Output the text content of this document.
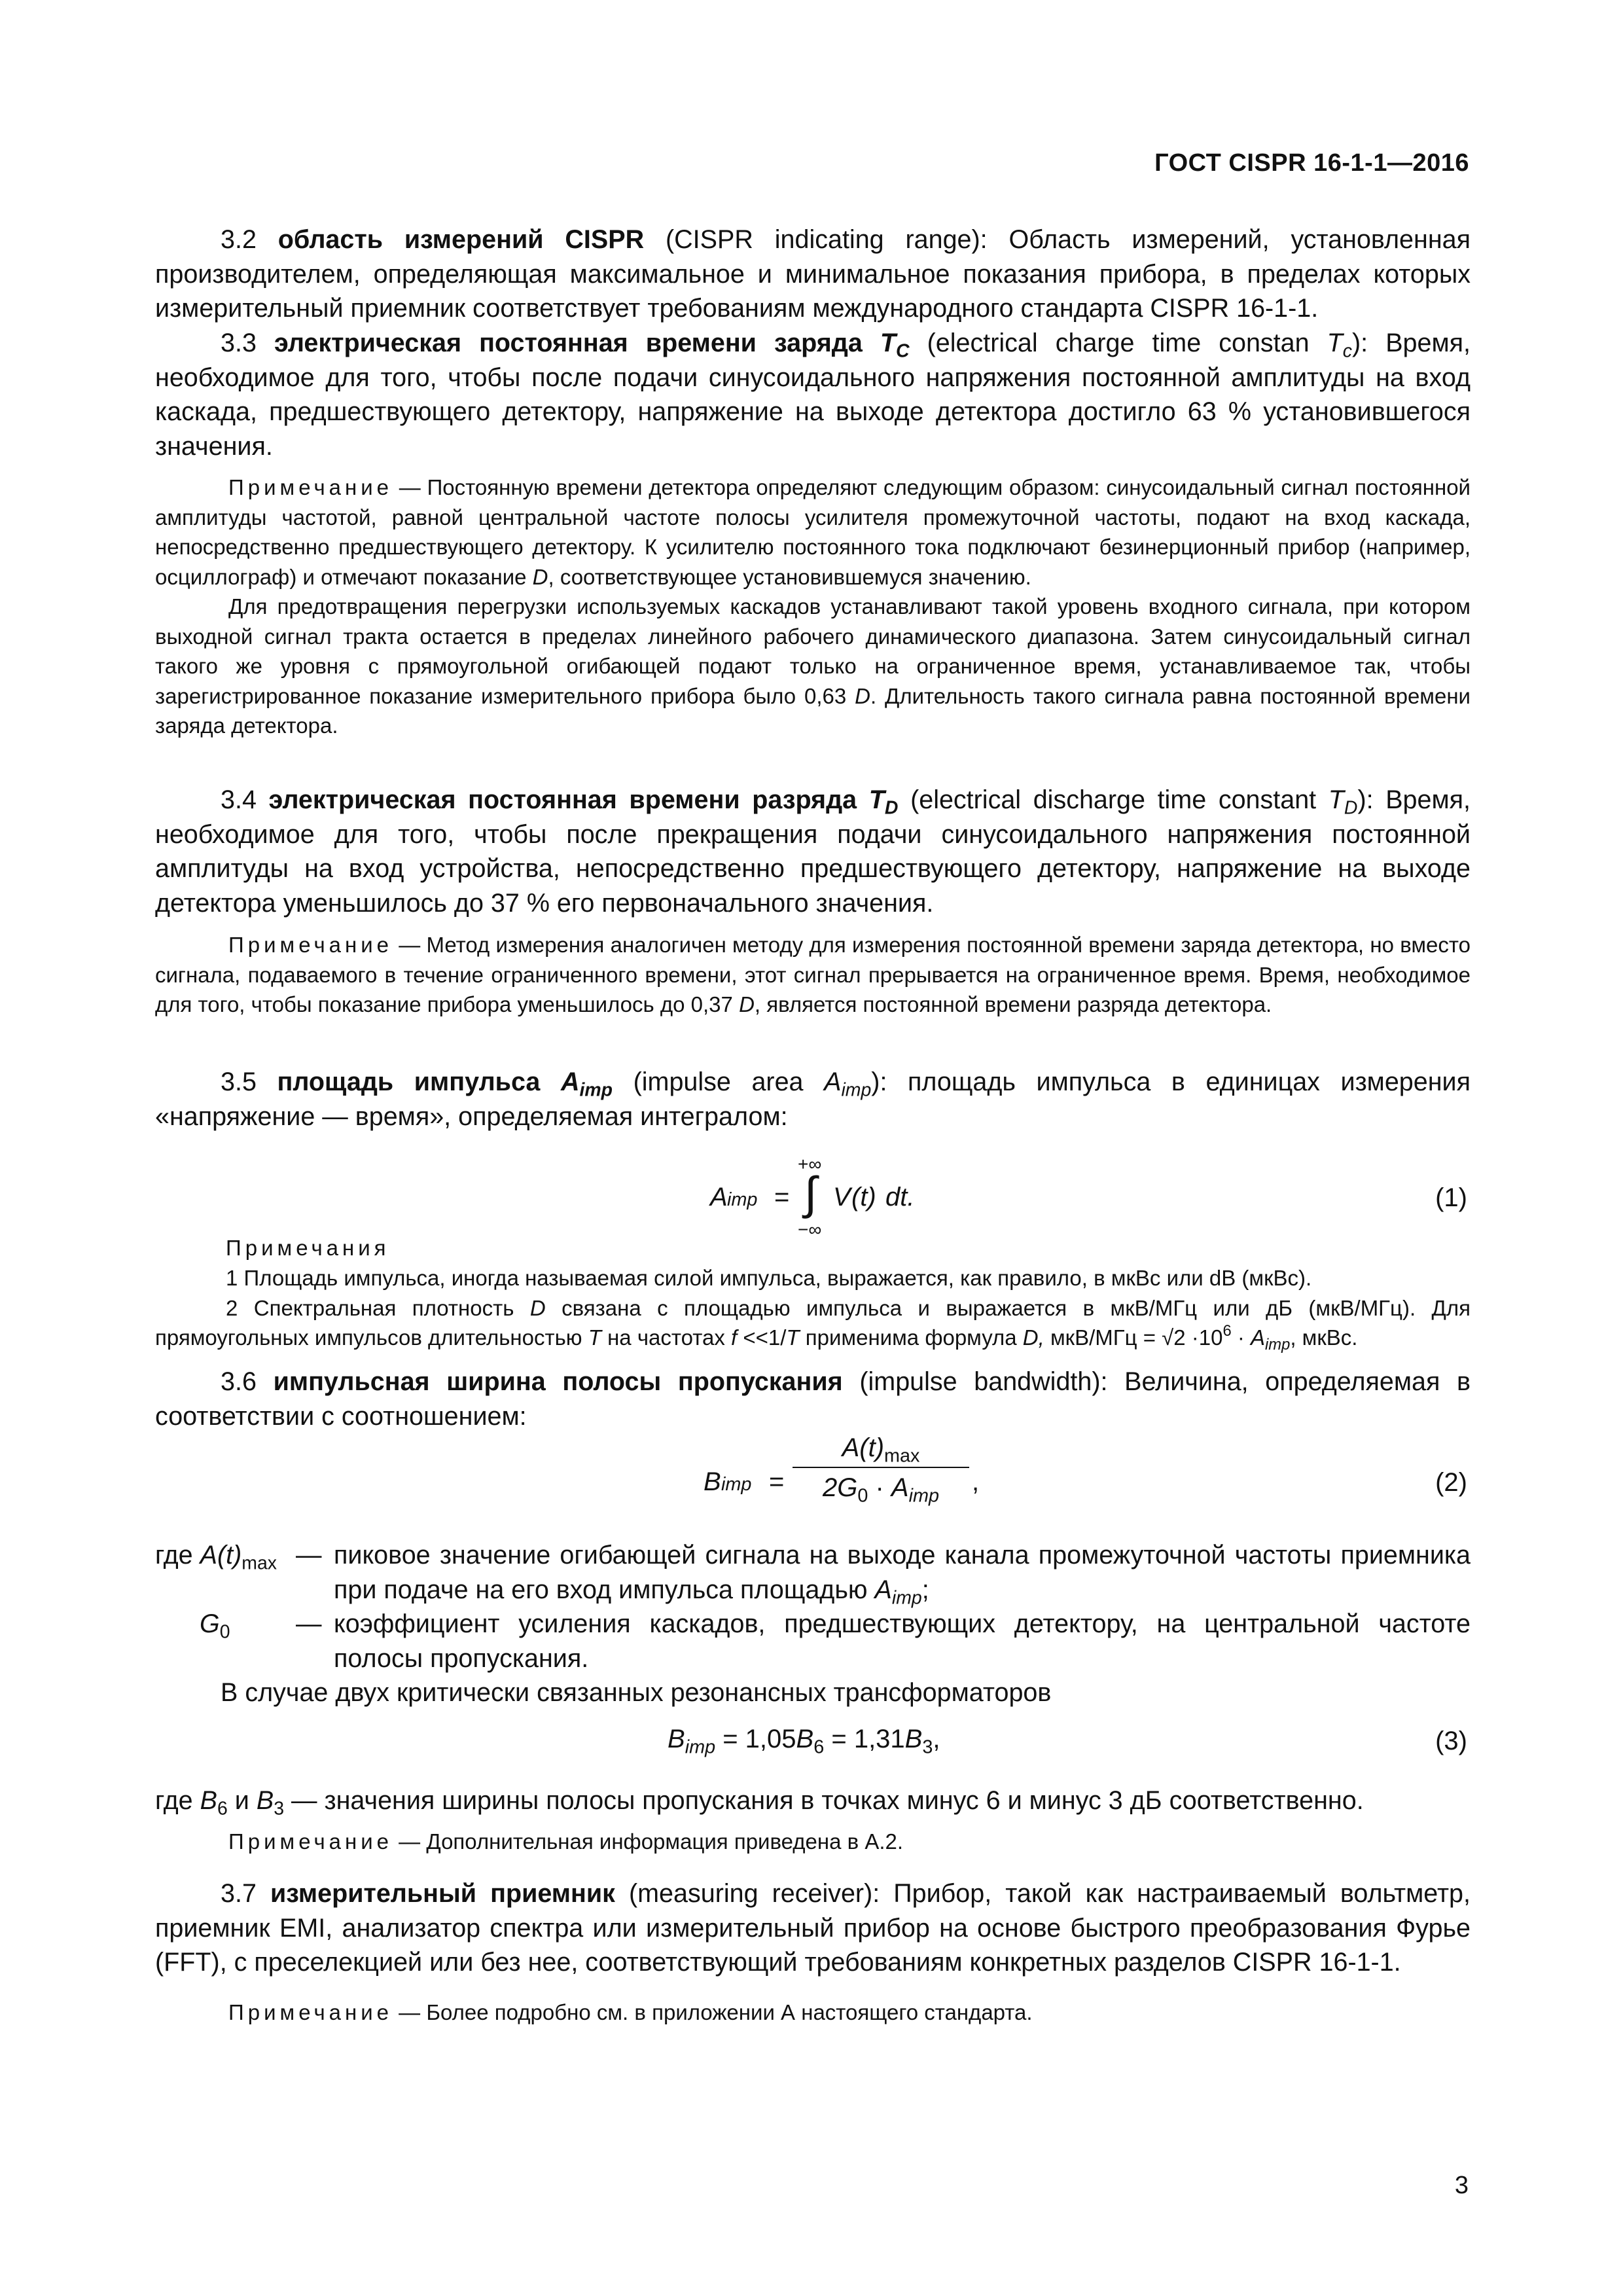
ГОСТ CISPR 16-1-1—2016

3.2 область измерений CISPR (CISPR indicating range): Область измерений, установленная производителем, определяющая максимальное и минимальное показания прибора, в пределах которых измерительный приемник соответствует требованиям международного стандарта CISPR 16-1-1.

3.3 электрическая постоянная времени заряда $T_C$ (electrical charge time constan $T_c$): Время, необходимое для того, чтобы после подачи синусоидального напряжения постоянной амплитуды на вход каскада, предшествующего детектору, напряжение на выходе детектора достигло 63 % установившегося значения.

Примечание — Постоянную времени детектора определяют следующим образом: синусоидальный сигнал постоянной амплитуды частотой, равной центральной частоте полосы усилителя промежуточной частоты, подают на вход каскада, непосредственно предшествующего детектору. К усилителю постоянного тока подключают безинерционный прибор (например, осциллограф) и отмечают показание D, соответствующее установившемуся значению.

Для предотвращения перегрузки используемых каскадов устанавливают такой уровень входного сигнала, при котором выходной сигнал тракта остается в пределах линейного рабочего динамического диапазона. Затем синусоидальный сигнал такого же уровня с прямоугольной огибающей подают только на ограниченное время, устанавливаемое так, чтобы зарегистрированное показание измерительного прибора было 0,63 D. Длительность такого сигнала равна постоянной времени заряда детектора.

3.4 электрическая постоянная времени разряда $T_D$ (electrical discharge time constant $T_D$): Время, необходимое для того, чтобы после прекращения подачи синусоидального напряжения постоянной амплитуды на вход устройства, непосредственно предшествующего детектору, напряжение на выходе детектора уменьшилось до 37 % его первоначального значения.

Примечание — Метод измерения аналогичен методу для измерения постоянной времени заряда детектора, но вместо сигнала, подаваемого в течение ограниченного времени, этот сигнал прерывается на ограниченное время. Время, необходимое для того, чтобы показание прибора уменьшилось до 0,37 D, является постоянной времени разряда детектора.

3.5 площадь импульса $A_{imp}$ (impulse area $A_{imp}$): площадь импульса в единицах измерения «напряжение — время», определяемая интегралом:

A imp =
+∞
∫
−∞
V (t) dt.	(1)

Примечания

1 Площадь импульса, иногда называемая силой импульса, выражается, как правило, в мкВс или dB (мкВс).

2 Спектральная плотность D связана с площадью импульса и выражается в мкВ/МГц или дБ (мкВ/МГц). Для прямоугольных импульсов длительностью T на частотах f <<1/T применима формула D, $мкВ/МГц = √2 \cdot 10^6 \cdot A_{imp}$, мкВс.

3.6 импульсная ширина полосы пропускания (impulse bandwidth): Величина, определяемая в соответствии с соотношением:

B imp =
$A(t)_{max}$
$2G_0 \cdot A_{imp}$	,	(2)
где $A(t)_{max}$ — пиковое значение огибающей сигнала на выходе канала промежуточной частоты приемника при подаче на его вход импульса площадью $A_{imp}$;
$G_0$	— коэффициент усиления каскадов, предшествующих детектору, на центральной частоте полосы пропускания.

В случае двух критически связанных резонансных трансформаторов

$B_{imp} = 1,05B_6 = 1,31B_3$,	(3)

где $B_6$ и $B_3$ — значения ширины полосы пропускания в точках минус 6 и минус 3 дБ соответственно.

Примечание — Дополнительная информация приведена в А.2.

3.7 измерительный приемник (measuring receiver): Прибор, такой как настраиваемый вольтметр, приемник EMI, анализатор спектра или измерительный прибор на основе быстрого преобразования Фурье (FFT), с преселекцией или без нее, соответствующий требованиям конкретных разделов CISPR 16-1-1.

Примечание — Более подробно см. в приложении А настоящего стандарта.

3
